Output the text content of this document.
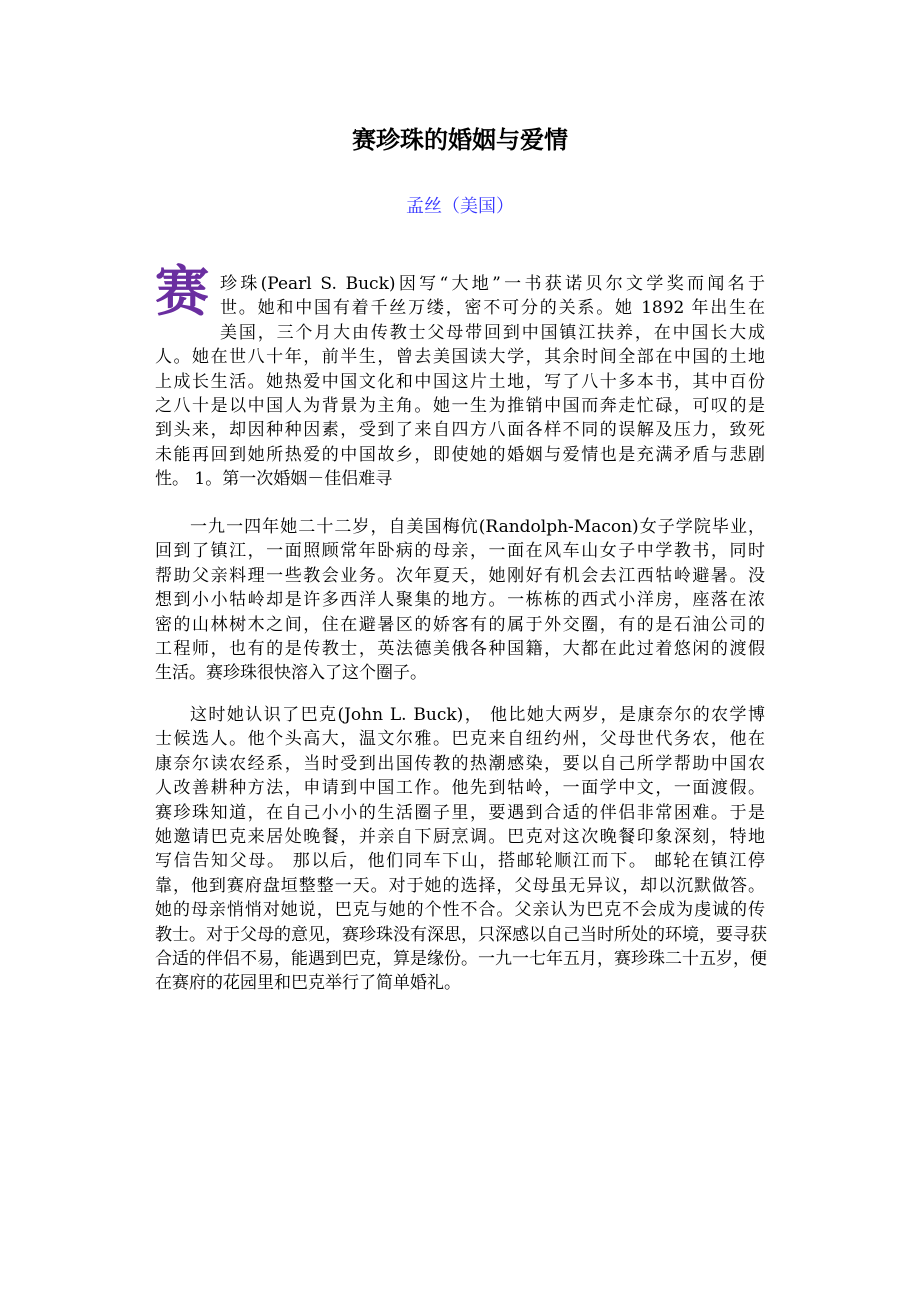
赛珍珠的婚姻与爱情
孟丝（美国）
赛 珍珠(Pearl S. Buck)因写“大地”一书获诺贝尔文学奖而闻名于
世。她和中国有着千丝万缕，密不可分的关系。她 1892 年出生在
美国，三个月大由传教士父母带回到中国镇江扶养，在中国长大成
人。她在世八十年，前半生，曾去美国读大学，其余时间全部在中国的土地
上成长生活。她热爱中国文化和中国这片土地，写了八十多本书，其中百份
之八十是以中国人为背景为主角。她一生为推销中国而奔走忙碌，可叹的是
到头来，却因种种因素，受到了来自四方八面各样不同的误解及压力，致死
未能再回到她所热爱的中国故乡，即使她的婚姻与爱情也是充满矛盾与悲剧
性。 1。第一次婚姻－佳侣难寻
一九一四年她二十二岁，自美国梅伉(Randolph-Macon)女子学院毕业，
回到了镇江，一面照顾常年卧病的母亲，一面在风车山女子中学教书，同时
帮助父亲料理一些教会业务。次年夏天，她刚好有机会去江西牯岭避暑。没
想到小小牯岭却是许多西洋人聚集的地方。一栋栋的西式小洋房，座落在浓
密的山林树木之间，住在避暑区的娇客有的属于外交圈，有的是石油公司的
工程师，也有的是传教士，英法德美俄各种国籍，大都在此过着悠闲的渡假
生活。赛珍珠很快溶入了这个圈子。
这时她认识了巴克(John L. Buck)， 他比她大两岁，是康奈尔的农学博
士候选人。他个头高大，温文尔雅。巴克来自纽约州，父母世代务农，他在
康奈尔读农经系，当时受到出国传教的热潮感染，要以自己所学帮助中国农
人改善耕种方法，申请到中国工作。他先到牯岭，一面学中文，一面渡假。
赛珍珠知道，在自己小小的生活圈子里，要遇到合适的伴侣非常困难。于是
她邀请巴克来居处晚餐，并亲自下厨烹调。巴克对这次晚餐印象深刻，特地
写信告知父母。 那以后，他们同车下山，搭邮轮顺江而下。 邮轮在镇江停
靠，他到赛府盘垣整整一天。对于她的选择，父母虽无异议，却以沉默做答。
她的母亲悄悄对她说，巴克与她的个性不合。父亲认为巴克不会成为虔诚的传
教士。对于父母的意见，赛珍珠没有深思，只深感以自己当时所处的环境，要寻获
合适的伴侣不易，能遇到巴克，算是缘份。一九一七年五月，赛珍珠二十五岁，便
在赛府的花园里和巴克举行了简单婚礼。
